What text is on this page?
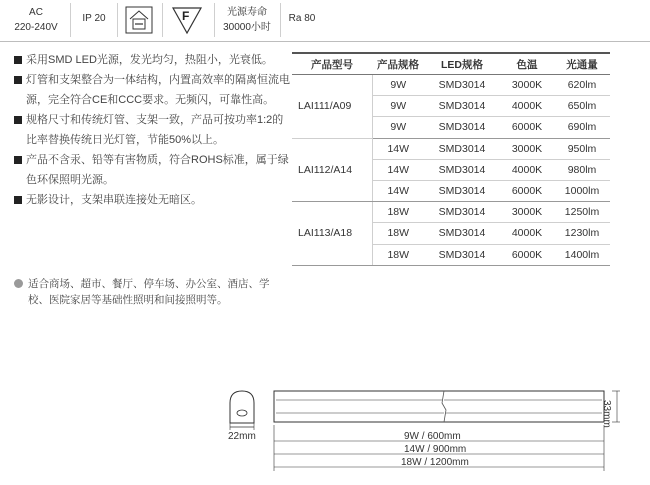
AC
220-240V
IP 20	F	光源寿命
30000小时
Ra 80
采用SMD LED光源，发光均匀，热阻小，光衰低。
灯管和支架整合为一体结构，内置高效率的隔离恒流电源，完全符合CE和CCC要求。无频闪，可靠性高。
规格尺寸和传统灯管、支架一致，产品可按功率1:2的比率替换传统日光灯管，节能50%以上。
产品不含汞、铅等有害物质，符合ROHS标准，属于绿色环保照明光源。
无影设计，支架串联连接处无暗区。
产品型号	产品规格	LED规格	色温	光通量
LAI111/A09	9W	SMD3014	3000K	620lm
	9W	SMD3014	4000K	650lm
	9W	SMD3014	6000K	690lm
LAI112/A14	14W	SMD3014	3000K	950lm
	14W	SMD3014	4000K	980lm
	14W	SMD3014	6000K	1000lm
LAI113/A18	18W	SMD3014	3000K	1250lm
	18W	SMD3014	4000K	1230lm
	18W	SMD3014	6000K	1400lm
适合商场、超市、餐厅、停车场、办公室、酒店、学校、医院家居等基础性照明和间接照明等。
22mm
33mm
9W / 600mm
14W / 900mm
18W / 1200mm
